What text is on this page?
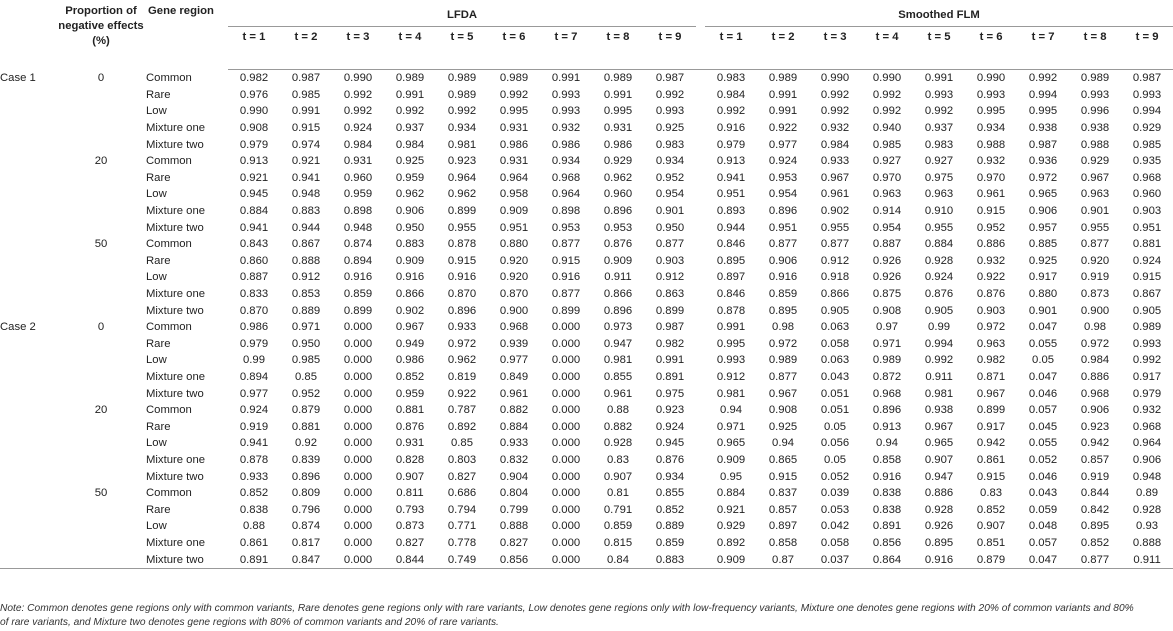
	Proportion of negative effects (%)	Gene region	LFDA										Smoothed FLM								
			t = 1	t = 2	t = 3	t = 4	t = 5	t = 6	t = 7	t = 8	t = 9		t = 1	t = 2	t = 3	t = 4	t = 5	t = 6	t = 7	t = 8	t = 9

Case 1	0	Common	0.982	0.987	0.990	0.989	0.989	0.989	0.991	0.989	0.987		0.983	0.989	0.990	0.990	0.991	0.990	0.992	0.989	0.987
		Rare	0.976	0.985	0.992	0.991	0.989	0.992	0.993	0.991	0.992		0.984	0.991	0.992	0.992	0.993	0.993	0.994	0.993	0.993
		Low	0.990	0.991	0.992	0.992	0.992	0.995	0.993	0.995	0.993		0.992	0.991	0.992	0.992	0.992	0.995	0.995	0.996	0.994
		Mixture one	0.908	0.915	0.924	0.937	0.934	0.931	0.932	0.931	0.925		0.916	0.922	0.932	0.940	0.937	0.934	0.938	0.938	0.929
		Mixture two	0.979	0.974	0.984	0.984	0.981	0.986	0.986	0.986	0.983		0.979	0.977	0.984	0.985	0.983	0.988	0.987	0.988	0.985
	20	Common	0.913	0.921	0.931	0.925	0.923	0.931	0.934	0.929	0.934		0.913	0.924	0.933	0.927	0.927	0.932	0.936	0.929	0.935
		Rare	0.921	0.941	0.960	0.959	0.964	0.964	0.968	0.962	0.952		0.941	0.953	0.967	0.970	0.975	0.970	0.972	0.967	0.968
		Low	0.945	0.948	0.959	0.962	0.962	0.958	0.964	0.960	0.954		0.951	0.954	0.961	0.963	0.963	0.961	0.965	0.963	0.960
		Mixture one	0.884	0.883	0.898	0.906	0.899	0.909	0.898	0.896	0.901		0.893	0.896	0.902	0.914	0.910	0.915	0.906	0.901	0.903
		Mixture two	0.941	0.944	0.948	0.950	0.955	0.951	0.953	0.953	0.950		0.944	0.951	0.955	0.954	0.955	0.952	0.957	0.955	0.951
	50	Common	0.843	0.867	0.874	0.883	0.878	0.880	0.877	0.876	0.877		0.846	0.877	0.877	0.887	0.884	0.886	0.885	0.877	0.881
		Rare	0.860	0.888	0.894	0.909	0.915	0.920	0.915	0.909	0.903		0.895	0.906	0.912	0.926	0.928	0.932	0.925	0.920	0.924
		Low	0.887	0.912	0.916	0.916	0.916	0.920	0.916	0.911	0.912		0.897	0.916	0.918	0.926	0.924	0.922	0.917	0.919	0.915
		Mixture one	0.833	0.853	0.859	0.866	0.870	0.870	0.877	0.866	0.863		0.846	0.859	0.866	0.875	0.876	0.876	0.880	0.873	0.867
		Mixture two	0.870	0.889	0.899	0.902	0.896	0.900	0.899	0.896	0.899		0.878	0.895	0.905	0.908	0.905	0.903	0.901	0.900	0.905
Case 2	0	Common	0.986	0.971	0.000	0.967	0.933	0.968	0.000	0.973	0.987		0.991	0.98	0.063	0.97	0.99	0.972	0.047	0.98	0.989
		Rare	0.979	0.950	0.000	0.949	0.972	0.939	0.000	0.947	0.982		0.995	0.972	0.058	0.971	0.994	0.963	0.055	0.972	0.993
		Low	0.99	0.985	0.000	0.986	0.962	0.977	0.000	0.981	0.991		0.993	0.989	0.063	0.989	0.992	0.982	0.05	0.984	0.992
		Mixture one	0.894	0.85	0.000	0.852	0.819	0.849	0.000	0.855	0.891		0.912	0.877	0.043	0.872	0.911	0.871	0.047	0.886	0.917
		Mixture two	0.977	0.952	0.000	0.959	0.922	0.961	0.000	0.961	0.975		0.981	0.967	0.051	0.968	0.981	0.967	0.046	0.968	0.979
	20	Common	0.924	0.879	0.000	0.881	0.787	0.882	0.000	0.88	0.923		0.94	0.908	0.051	0.896	0.938	0.899	0.057	0.906	0.932
		Rare	0.919	0.881	0.000	0.876	0.892	0.884	0.000	0.882	0.924		0.971	0.925	0.05	0.913	0.967	0.917	0.045	0.923	0.968
		Low	0.941	0.92	0.000	0.931	0.85	0.933	0.000	0.928	0.945		0.965	0.94	0.056	0.94	0.965	0.942	0.055	0.942	0.964
		Mixture one	0.878	0.839	0.000	0.828	0.803	0.832	0.000	0.83	0.876		0.909	0.865	0.05	0.858	0.907	0.861	0.052	0.857	0.906
		Mixture two	0.933	0.896	0.000	0.907	0.827	0.904	0.000	0.907	0.934		0.95	0.915	0.052	0.916	0.947	0.915	0.046	0.919	0.948
	50	Common	0.852	0.809	0.000	0.811	0.686	0.804	0.000	0.81	0.855		0.884	0.837	0.039	0.838	0.886	0.83	0.043	0.844	0.89
		Rare	0.838	0.796	0.000	0.793	0.794	0.799	0.000	0.791	0.852		0.921	0.857	0.053	0.838	0.928	0.852	0.059	0.842	0.928
		Low	0.88	0.874	0.000	0.873	0.771	0.888	0.000	0.859	0.889		0.929	0.897	0.042	0.891	0.926	0.907	0.048	0.895	0.93
		Mixture one	0.861	0.817	0.000	0.827	0.778	0.827	0.000	0.815	0.859		0.892	0.858	0.058	0.856	0.895	0.851	0.057	0.852	0.888
		Mixture two	0.891	0.847	0.000	0.844	0.749	0.856	0.000	0.84	0.883		0.909	0.87	0.037	0.864	0.916	0.879	0.047	0.877	0.911
Note: Common denotes gene regions only with common variants, Rare denotes gene regions only with rare variants, Low denotes gene regions only with low-frequency variants, Mixture one denotes gene regions with 20% of common variants and 80% of rare variants, and Mixture two denotes gene regions with 80% of common variants and 20% of rare variants.
